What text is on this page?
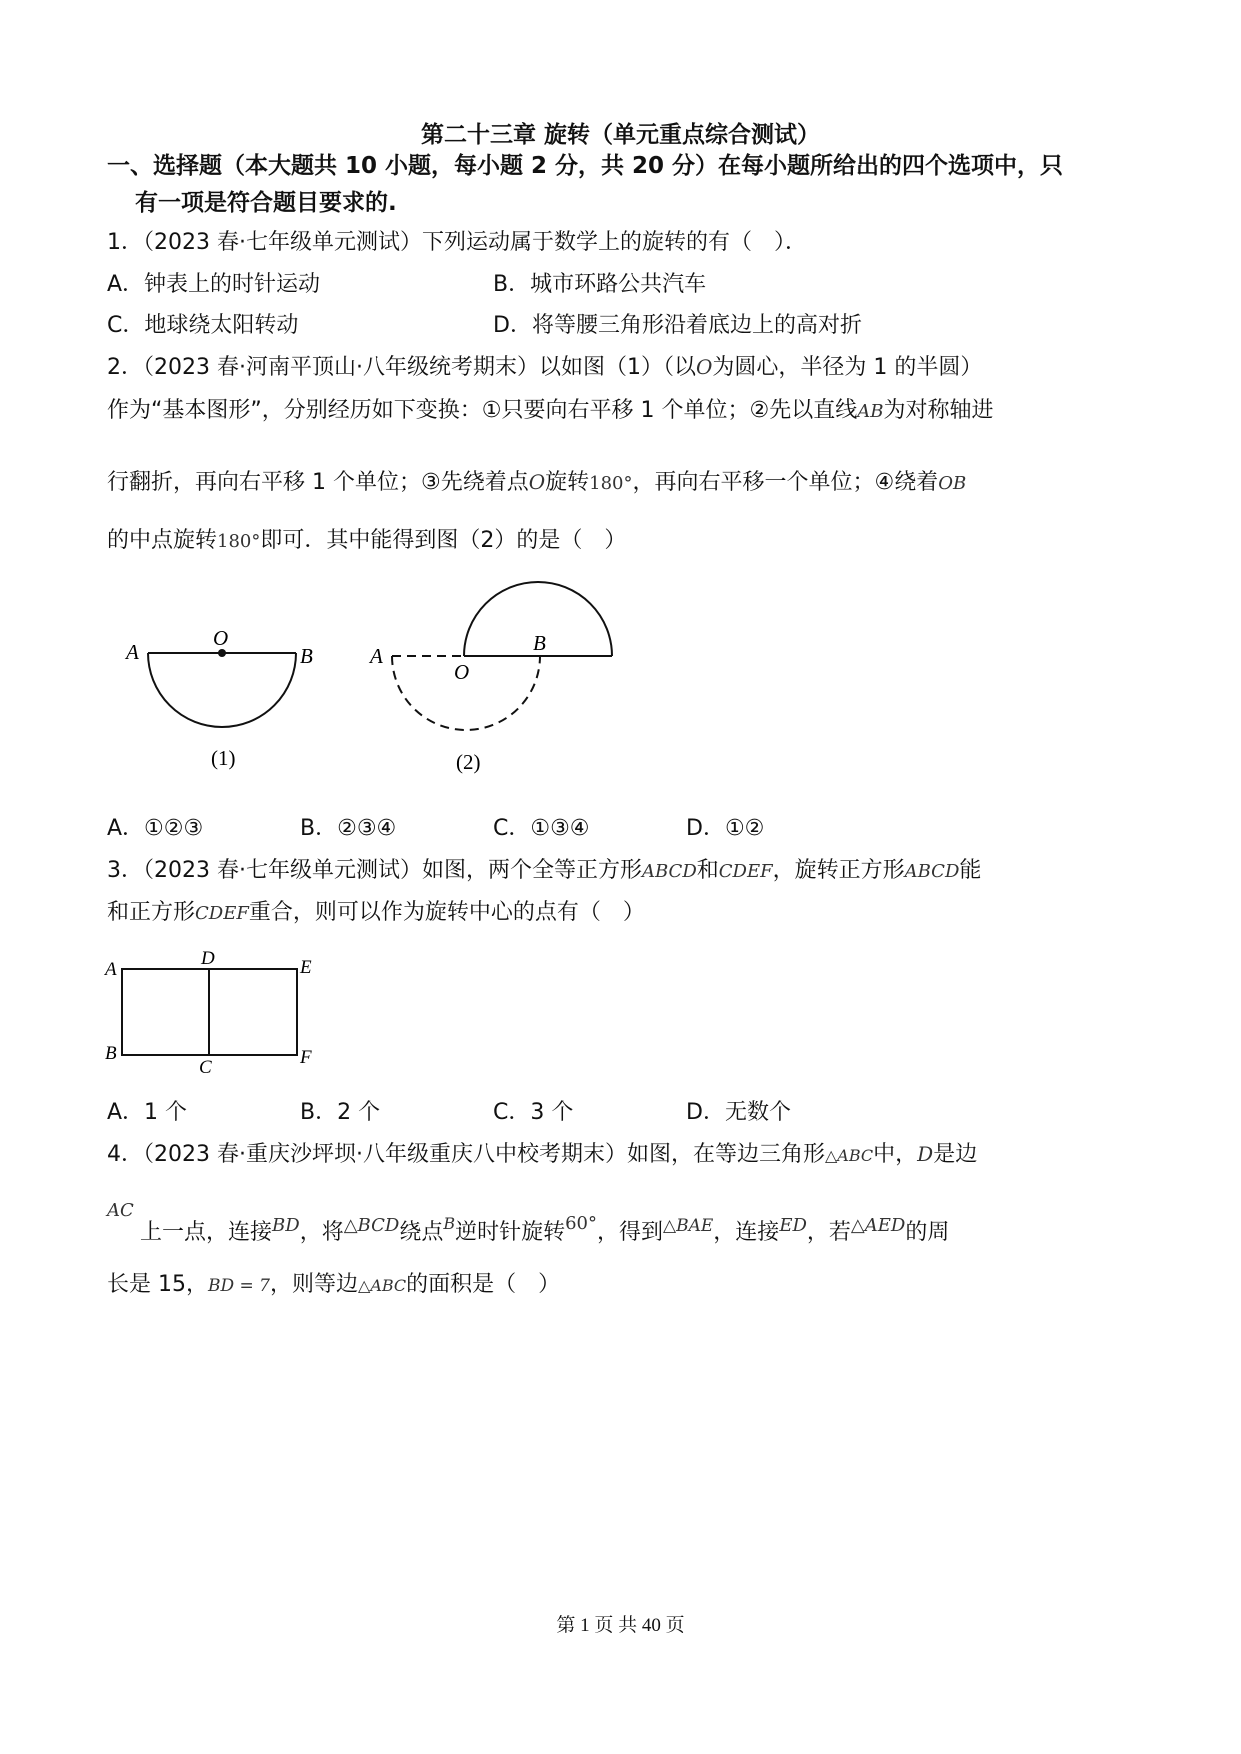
第二十三章 旋转（单元重点综合测试）
一、选择题（本大题共 10 小题，每小题 2 分，共 20 分）在每小题所给出的四个选项中，只
有一项是符合题目要求的.
1．（2023 春·七年级单元测试）下列运动属于数学上的旋转的有（　）．
A．钟表上的时针运动	B．城市环路公共汽车
C．地球绕太阳转动	D．将等腰三角形沿着底边上的高对折
2．（2023 春·河南平顶山·八年级统考期末）以如图（1）（以O为圆心，半径为 1 的半圆）
作为“基本图形”，分别经历如下变换：①只要向右平移 1 个单位；②先以直线AB为对称轴进
行翻折，再向右平移 1 个单位；③先绕着点O旋转180°，再向右平移一个单位；④绕着OB
的中点旋转180°即可．其中能得到图（2）的是（　）
A
O
B
(1)
A
O
B
(2)
A．①②③	B．②③④	C．①③④	D．①②
3．（2023 春·七年级单元测试）如图，两个全等正方形ABCD和CDEF，旋转正方形ABCD能
和正方形CDEF重合，则可以作为旋转中心的点有（　）
A
D	E
B
C	F
A．1 个	B．2 个	C．3 个	D．无数个
4．（2023 春·重庆沙坪坝·八年级重庆八中校考期末）如图，在等边三角形△ABC中，D是边
AC
上一点，连接$^{BD}$，将$^{\triangle BCD}$绕点$^B$逆时针旋转$^{60^\circ}$，得到$^{\triangle BAE}$，连接$^{ED}$，若$^{\triangle AED}$的周
长是 15，BD = 7，则等边△ABC的面积是（　）
第 1 页 共 40 页
